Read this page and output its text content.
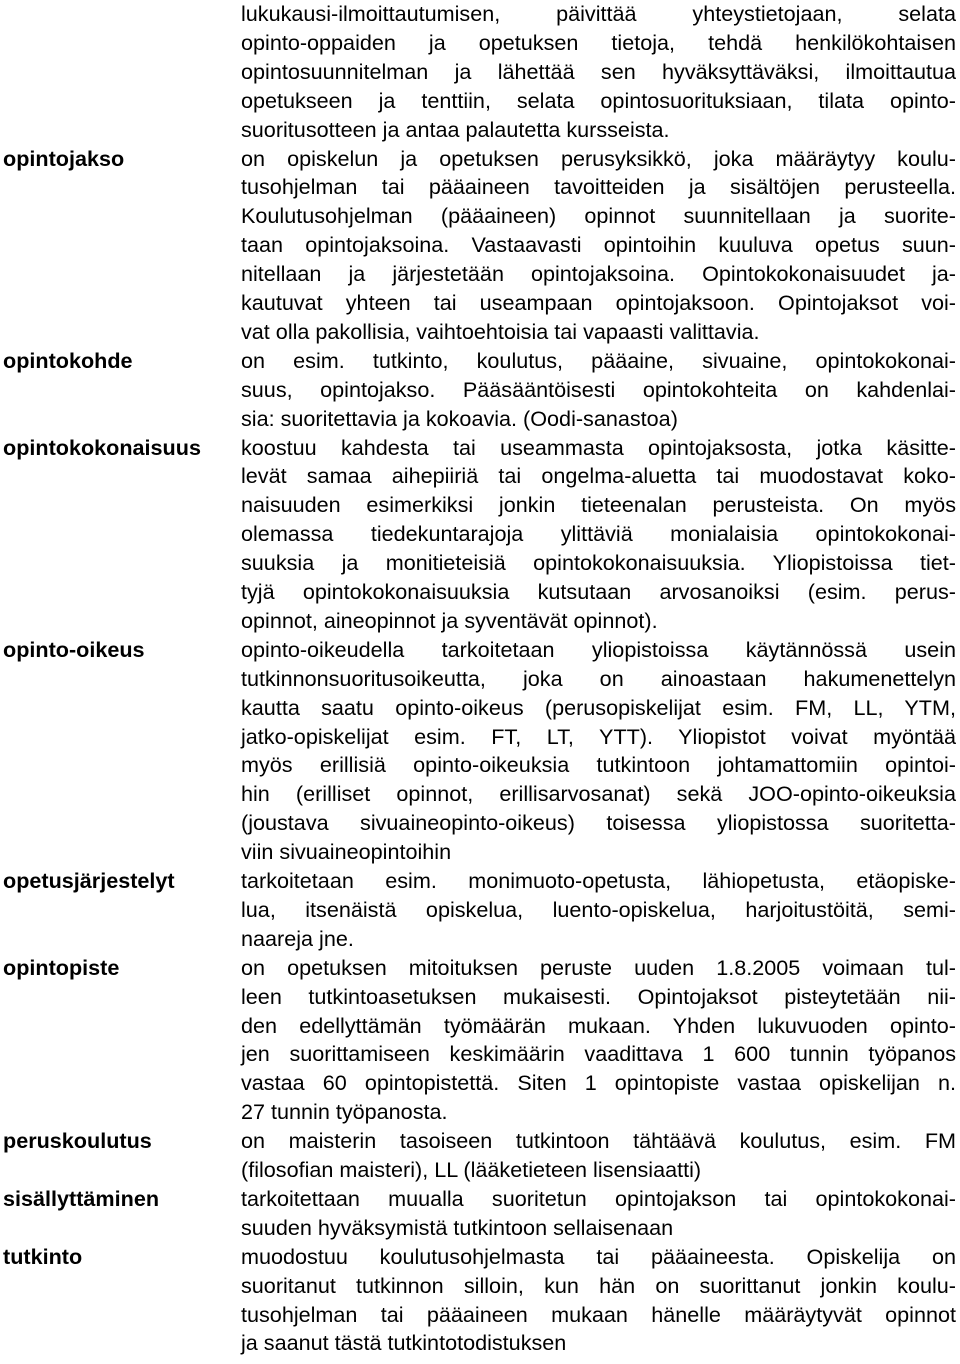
lukukausi-ilmoittautumisen, päivittää yhteystietojaan, selata
opinto-oppaiden ja opetuksen tietoja, tehdä henkilökohtaisen
opintosuunnitelman ja lähettää sen hyväksyttäväksi, ilmoittautua
opetukseen ja tenttiin, selata opintosuorituksiaan, tilata opinto-
suoritusotteen ja antaa palautetta kursseista.
opintojakso	on opiskelun ja opetuksen perusyksikkö, joka määräytyy koulu-
tusohjelman tai pääaineen tavoitteiden ja sisältöjen perusteella.
Koulutusohjelman (pääaineen) opinnot suunnitellaan ja suorite-
taan opintojaksoina. Vastaavasti opintoihin kuuluva opetus suun-
nitellaan ja järjestetään opintojaksoina. Opintokokonaisuudet ja-
kautuvat yhteen tai useampaan opintojaksoon. Opintojaksot voi-
vat olla pakollisia, vaihtoehtoisia tai vapaasti valittavia.
opintokohde	on esim. tutkinto, koulutus, pääaine, sivuaine, opintokokonai-
suus, opintojakso. Pääsääntöisesti opintokohteita on kahdenlai-
sia: suoritettavia ja kokoavia. (Oodi-sanastoa)
opintokokonaisuus koostuu kahdesta tai useammasta opintojaksosta, jotka käsitte-
levät samaa aihepiiriä tai ongelma-aluetta tai muodostavat koko-
naisuuden esimerkiksi jonkin tieteenalan perusteista. On myös
olemassa tiedekuntarajoja ylittäviä monialaisia opintokokonai-
suuksia ja monitieteisiä opintokokonaisuuksia. Yliopistoissa tiet-
tyjä opintokokonaisuuksia kutsutaan arvosanoiksi (esim. perus-
opinnot, aineopinnot ja syventävät opinnot).
opinto-oikeus	opinto-oikeudella tarkoitetaan yliopistoissa käytännössä usein
tutkinnonsuoritusoikeutta, joka on ainoastaan hakumenettelyn
kautta saatu opinto-oikeus (perusopiskelijat esim. FM, LL, YTM,
jatko-opiskelijat esim. FT, LT, YTT). Yliopistot voivat myöntää
myös erillisiä opinto-oikeuksia tutkintoon johtamattomiin opintoi-
hin (erilliset opinnot, erillisarvosanat) sekä JOO-opinto-oikeuksia
(joustava sivuaineopinto-oikeus) toisessa yliopistossa suoritetta-
viin sivuaineopintoihin
opetusjärjestelyt	tarkoitetaan esim. monimuoto-opetusta, lähiopetusta, etäopiske-
lua, itsenäistä opiskelua, luento-opiskelua, harjoitustöitä, semi-
naareja jne.
opintopiste	on opetuksen mitoituksen peruste uuden 1.8.2005 voimaan tul-
leen tutkintoasetuksen mukaisesti. Opintojaksot pisteytetään nii-
den edellyttämän työmäärän mukaan. Yhden lukuvuoden opinto-
jen suorittamiseen keskimäärin vaadittava 1 600 tunnin työpanos
vastaa 60 opintopistettä. Siten 1 opintopiste vastaa opiskelijan n.
27 tunnin työpanosta.
peruskoulutus	on maisterin tasoiseen tutkintoon tähtäävä koulutus, esim. FM
(filosofian maisteri), LL (lääketieteen lisensiaatti)
sisällyttäminen	tarkoitettaan muualla suoritetun opintojakson tai opintokokonai-
suuden hyväksymistä tutkintoon sellaisenaan
tutkinto	muodostuu koulutusohjelmasta tai pääaineesta. Opiskelija on
suoritanut tutkinnon silloin, kun hän on suorittanut jonkin koulu-
tusohjelman tai pääaineen mukaan hänelle määräytyvät opinnot
ja saanut tästä tutkintotodistuksen
